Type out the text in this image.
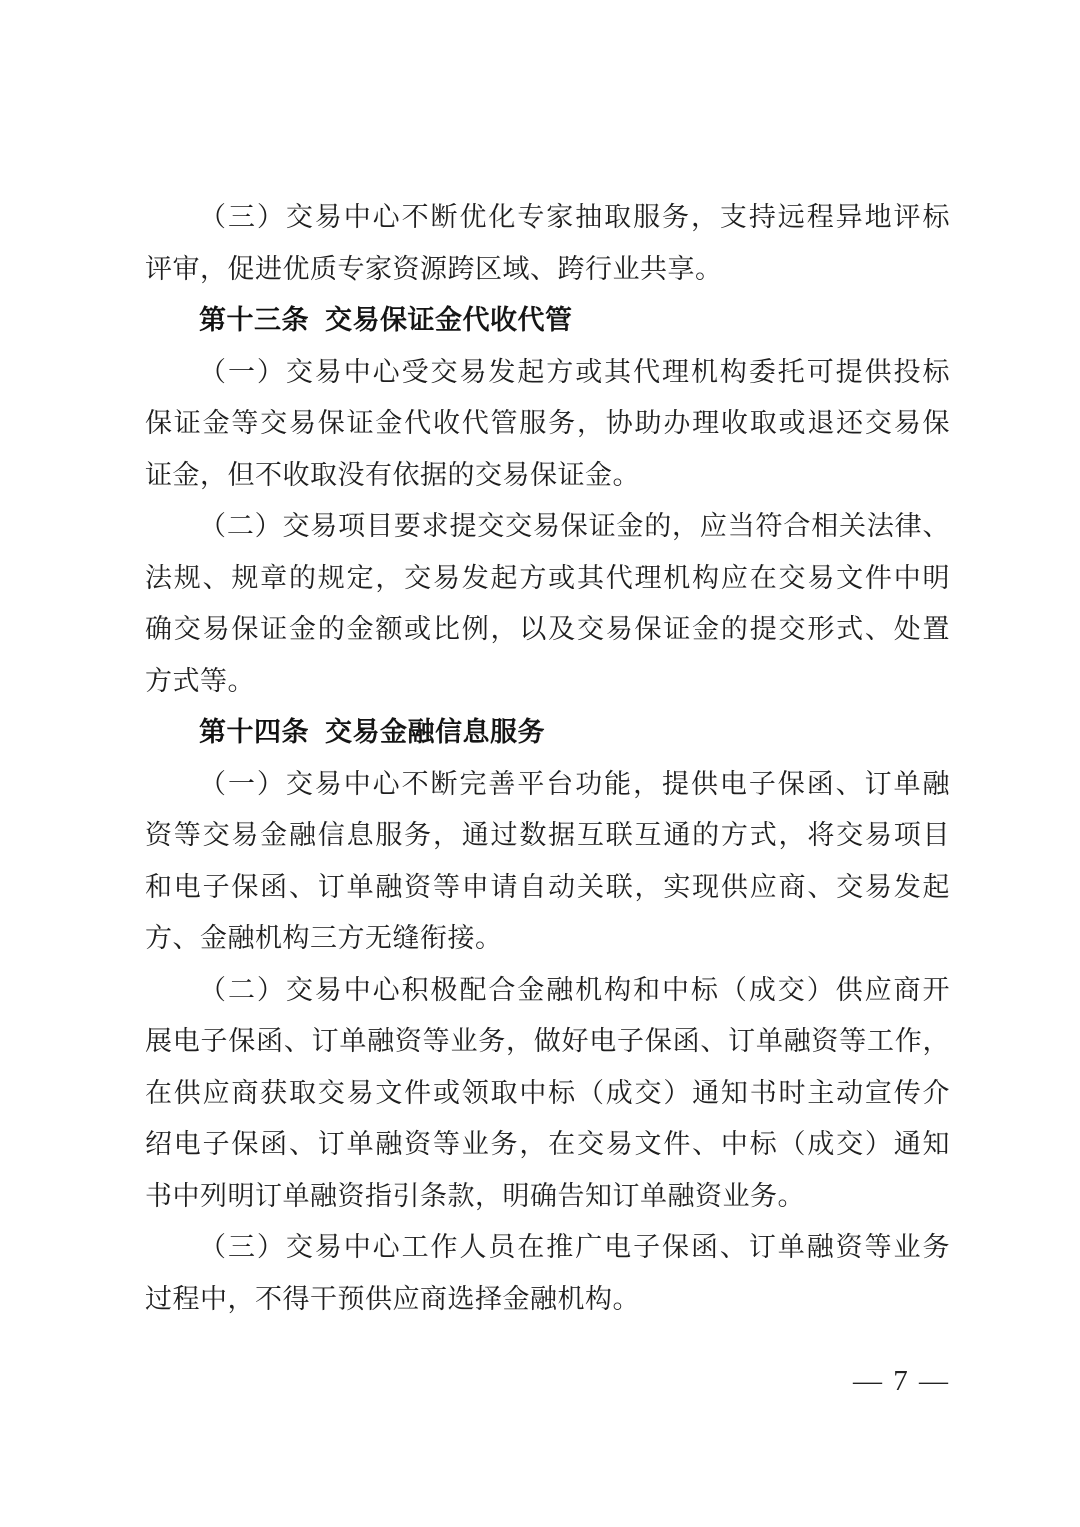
（三）交易中心不断优化专家抽取服务，支持远程异地评标
评审，促进优质专家资源跨区域、跨行业共享。

第十三条 交易保证金代收代管

（一）交易中心受交易发起方或其代理机构委托可提供投标
保证金等交易保证金代收代管服务，协助办理收取或退还交易保
证金，但不收取没有依据的交易保证金。

（二）交易项目要求提交交易保证金的，应当符合相关法律、
法规、规章的规定，交易发起方或其代理机构应在交易文件中明
确交易保证金的金额或比例，以及交易保证金的提交形式、处置
方式等。

第十四条 交易金融信息服务

（一）交易中心不断完善平台功能，提供电子保函、订单融
资等交易金融信息服务，通过数据互联互通的方式，将交易项目
和电子保函、订单融资等申请自动关联，实现供应商、交易发起
方、金融机构三方无缝衔接。

（二）交易中心积极配合金融机构和中标（成交）供应商开
展电子保函、订单融资等业务，做好电子保函、订单融资等工作，
在供应商获取交易文件或领取中标（成交）通知书时主动宣传介
绍电子保函、订单融资等业务，在交易文件、中标（成交）通知
书中列明订单融资指引条款，明确告知订单融资业务。

（三）交易中心工作人员在推广电子保函、订单融资等业务
过程中，不得干预供应商选择金融机构。

— 7 —
